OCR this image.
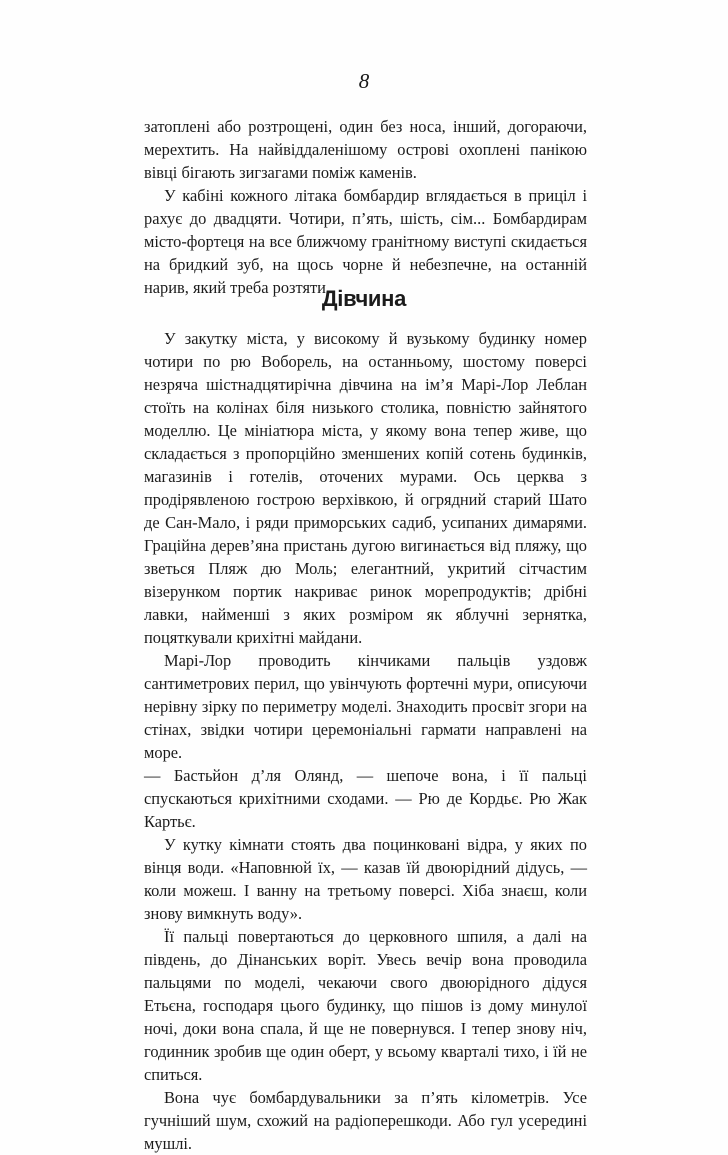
8

затоплені або розтрощені, один без носа, інший, догораючи, мерехтить. На найвіддаленішому острові охоплені панікою вівці бігають зигзагами поміж каменів.

У кабіні кожного літака бомбардир вглядається в приціл і рахує до двадцяти. Чотири, п’ять, шість, сім... Бомбардирам місто-фортеця на все ближчому гранітному виступі скидається на бридкий зуб, на щось чорне й небезпечне, на останній нарив, який треба розтяти.

Дівчина

У закутку міста, у високому й вузькому будинку номер чотири по рю Воборель, на останньому, шостому поверсі незряча шістнадцятирічна дівчина на ім’я Марі-Лор Леблан стоїть на колінах біля низького столика, повністю зайнятого моделлю. Це мініатюра міста, у якому вона тепер живе, що складається з пропорційно зменшених копій сотень будинків, магазинів і готелів, оточених мурами. Ось церква з продірявленою гострою верхівкою, й огрядний старий Шато де Сан-Мало, і ряди приморських садиб, усипаних димарями. Граційна дерев’яна пристань дугою вигинається від пляжу, що зветься Пляж дю Моль; елегантний, укритий сітчастим візерунком портик накриває ринок морепродуктів; дрібні лавки, найменші з яких розміром як яблучні зернятка, поцяткували крихітні майдани.

Марі-Лор проводить кінчиками пальців уздовж сантиметрових перил, що увінчують фортечні мури, описуючи нерівну зірку по периметру моделі. Знаходить просвіт згори на стінах, звідки чотири церемоніальні гармати направлені на море.

— Бастьйон д’ля Олянд, — шепоче вона, і її пальці спускаються крихітними сходами. — Рю де Кордьє. Рю Жак Картьє.

У кутку кімнати стоять два поцинковані відра, у яких по вінця води. «Наповнюй їх, — казав їй двоюрідний дідусь, — коли можеш. І ванну на третьому поверсі. Хіба знаєш, коли знову вимкнуть воду».

Її пальці повертаються до церковного шпиля, а далі на південь, до Дінанських воріт. Увесь вечір вона проводила пальцями по моделі, чекаючи свого двоюрідного дідуся Етьєна, господаря цього будинку, що пішов із дому минулої ночі, доки вона спала, й ще не повернувся. І тепер знову ніч, годинник зробив ще один оберт, у всьому кварталі тихо, і їй не спиться.

Вона чує бомбардувальники за п’ять кілометрів. Усе гучніший шум, схожий на радіоперешкоди. Або гул усередині мушлі.
